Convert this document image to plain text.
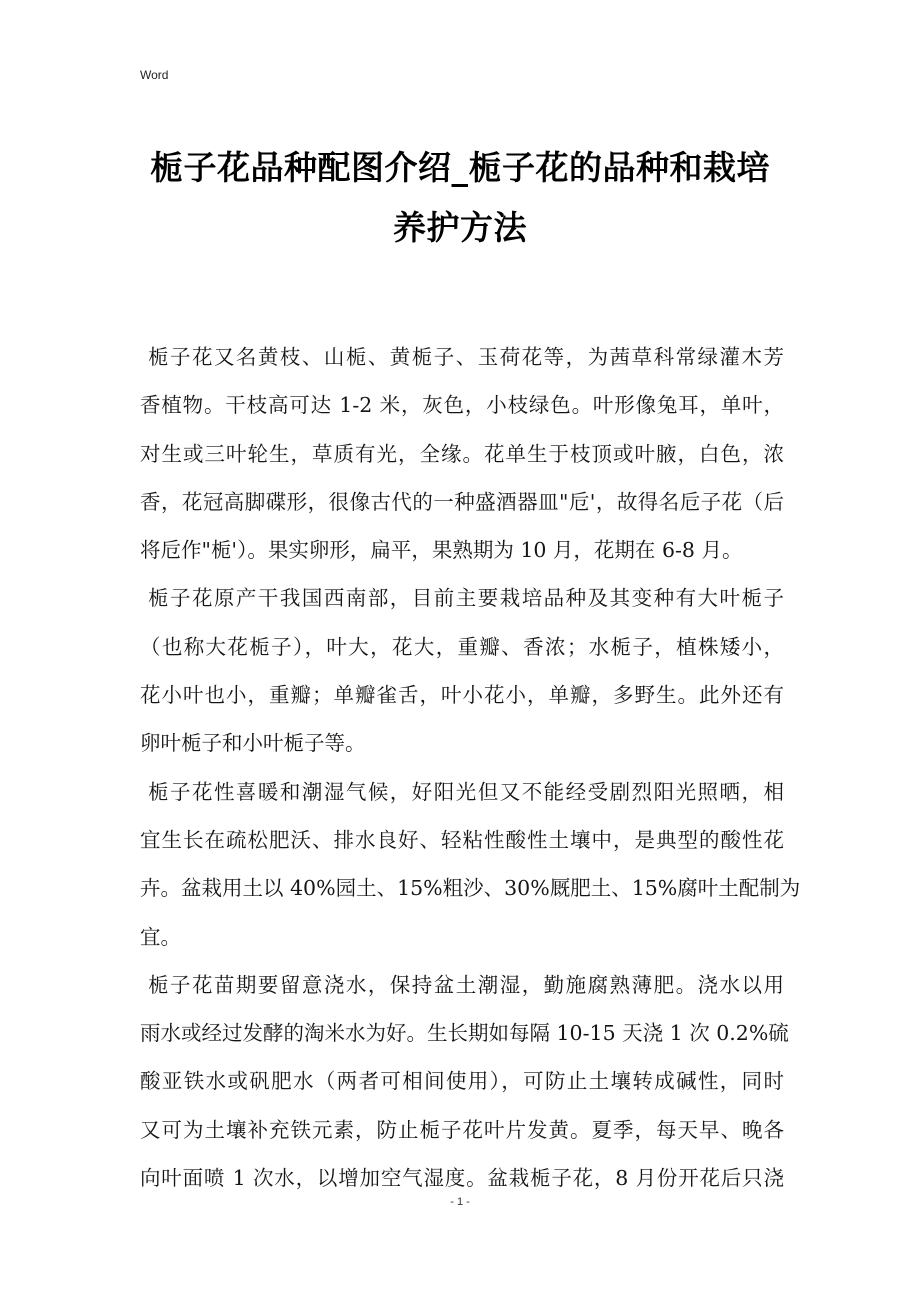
Word
栀子花品种配图介绍_栀子花的品种和栽培
养护方法
栀子花又名黄枝、山栀、黄栀子、玉荷花等，为茜草科常绿灌木芳
香植物。干枝高可达 1-2 米，灰色，小枝绿色。叶形像兔耳，单叶，
对生或三叶轮生，草质有光，全缘。花单生于枝顶或叶腋，白色，浓
香，花冠高脚碟形，很像古代的一种盛酒器皿"卮'，故得名卮子花（后
将卮作"栀'）。果实卵形，扁平，果熟期为 10 月，花期在 6-8 月。
栀子花原产干我国西南部，目前主要栽培品种及其变种有大叶栀子
（也称大花栀子），叶大，花大，重瓣、香浓；水栀子，植株矮小，
花小叶也小，重瓣；单瓣雀舌，叶小花小，单瓣，多野生。此外还有
卵叶栀子和小叶栀子等。
栀子花性喜暖和潮湿气候，好阳光但又不能经受剧烈阳光照晒，相
宜生长在疏松肥沃、排水良好、轻粘性酸性土壤中，是典型的酸性花
卉。盆栽用土以 40%园土、15%粗沙、30%厩肥土、15%腐叶土配制为
宜。
栀子花苗期要留意浇水，保持盆土潮湿，勤施腐熟薄肥。浇水以用
雨水或经过发酵的淘米水为好。生长期如每隔 10-15 天浇 1 次 0.2%硫
酸亚铁水或矾肥水（两者可相间使用），可防止土壤转成碱性，同时
又可为土壤补充铁元素，防止栀子花叶片发黄。夏季，每天早、晚各
向叶面喷 1 次水，以增加空气湿度。盆栽栀子花，8 月份开花后只浇
- 1 -
